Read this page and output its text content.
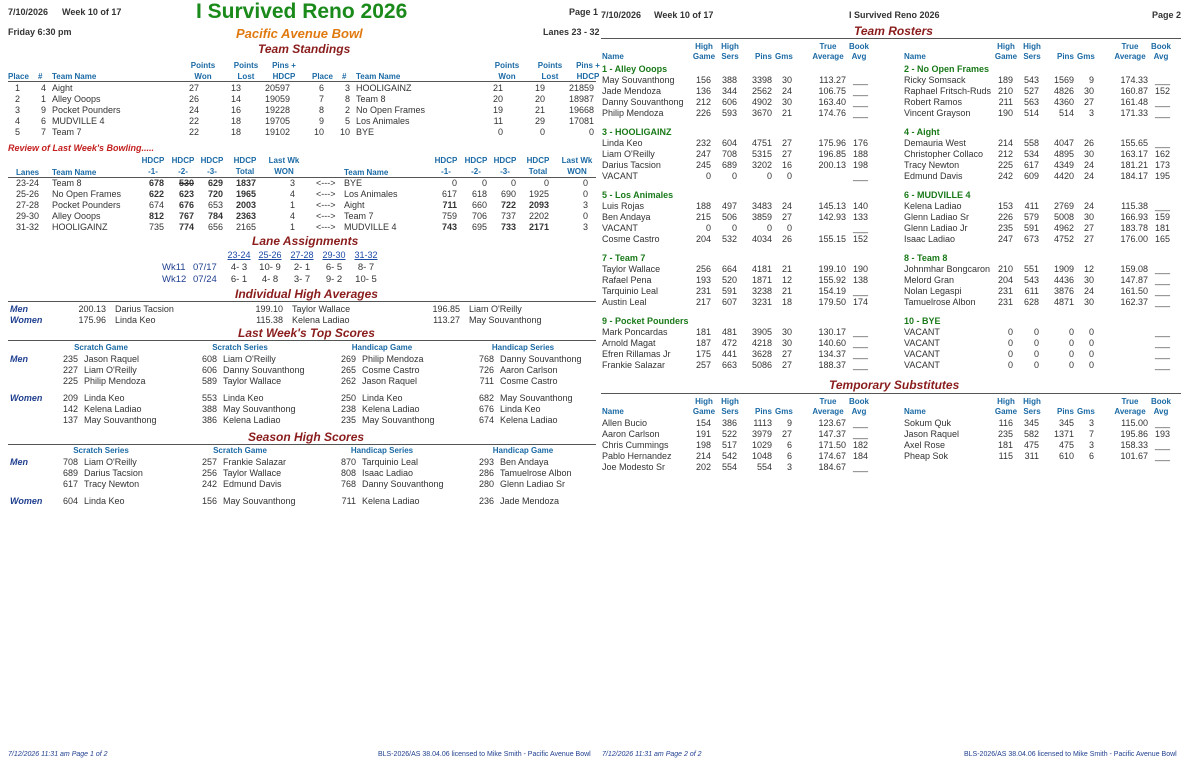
7/10/2026 Week 10 of 17	I Survived Reno 2026	Page 1
Friday 6:30 pm	Pacific Avenue Bowl	Lanes 23 - 32
Team Standings
Place # Team Name
Points
Won
Points
Lost
Pins +
HDCP
1	4 Aight	27	13	20597
2	1 Alley Ooops	26	14	19059
3	9 Pocket Pounders	24	16	19228
4	6 MUDVILLE 4	22	18	19705
5	7 Team 7	22	18	19102
Place # Team Name
Points
Won
Points
Lost
Pins +
HDCP
6	3 HOOLIGAINZ	21	19	21859
7	8 Team 8	20	20	18987
8	2 No Open Frames	19	21	19668
9	5 Los Animales	11	29	17081
10	10 BYE	0	0	0
Review of Last Week's Bowling.....
Lanes Team Name	Team Name
HDCP
-1-
HDCP
-1-
HDCP
-2-
HDCP
-2-
HDCP
-3-
HDCP
-3-
HDCP
Total
HDCP
Total
Last Wk
WON
Last Wk
WON
23-24 Team 8	678	530	629	1837	3 <---> BYE	0	0	0	0	0
25-26 No Open Frames	622	623	720	1965	4 <---> Los Animales	617	618	690	1925	0
27-28 Pocket Pounders	674	676	653	2003	1 <---> Aight	711	660	722	2093	3
29-30 Alley Ooops	812	767	784	2363	4 <---> Team 7	759	706	737	2202	0
31-32 HOOLIGAINZ	735	774	656	2165	1 <---> MUDVILLE 4	743	695	733	2171	3
Lane Assignments
23-24 25-26 27-28 29-30 31-32
Wk11 07/17	4- 3	10- 9	2- 1	6- 5	8- 7
Wk12 07/24	6- 1	4- 8	3- 7	9- 2	10- 5
Individual High Averages
Men	200.13 Darius Tacsion	199.10 Taylor Wallace	196.85 Liam O'Reilly
Women	175.96 Linda Keo	115.38 Kelena Ladiao	113.27 May Souvanthong
Last Week's Top Scores
Scratch Game	Scratch Series	Handicap Game	Handicap Series
Men	235 Jason Raquel	608 Liam O'Reilly	269 Philip Mendoza	768 Danny Souvanthong
227 Liam O'Reilly	606 Danny Souvanthong	265 Cosme Castro	726 Aaron Carlson
225 Philip Mendoza	589 Taylor Wallace	262 Jason Raquel	711 Cosme Castro
Women	209 Linda Keo	553 Linda Keo	250 Linda Keo	682 May Souvanthong
142 Kelena Ladiao	388 May Souvanthong	238 Kelena Ladiao	676 Linda Keo
137 May Souvanthong	386 Kelena Ladiao	235 May Souvanthong	674 Kelena Ladiao
Season High Scores
Scratch Series	Scratch Game	Handicap Series	Handicap Game
Men	708 Liam O'Reilly	257 Frankie Salazar	870 Tarquinio Leal	293 Ben Andaya
689 Darius Tacsion	256 Taylor Wallace	808 Isaac Ladiao	286 Tamuelrose Albon
617 Tracy Newton	242 Edmund Davis	768 Danny Souvanthong	280 Glenn Ladiao Sr
Women	604 Linda Keo	156 May Souvanthong	711 Kelena Ladiao	236 Jade Mendoza
7/12/2026 11:31 am Page 1 of 2	BLS-2026/AS 38.04.06 licensed to Mike Smith - Pacific Avenue Bowl
7/10/2026 Week 10 of 17	I Survived Reno 2026	Page 2
Team Rosters
Name
High
Game
High
Sers	Pins Gms
True
Average
Book
Avg	Name
High
Game
High
Sers	Pins Gms
True
Average
Book
Avg
1 - Alley Ooops
May Souvanthong	156	388	3398	30	113.27 ___
Jade Mendoza	136	344	2562	24	106.75 ___
Danny Souvanthong	212	606	4902	30	163.40 ___
Philip Mendoza	226	593	3670	21	174.76 ___
2 - No Open Frames
Ricky Somsack	189	543	1569	9	174.33 ___
Raphael Fritsch-Ruds 210	527	4826	30	160.87 152
Robert Ramos	211	563	4360	27	161.48 ___
Vincent Grayson	190	514	514	3	171.33 ___
3 - HOOLIGAINZ
Linda Keo	232	604	4751	27	175.96 176
Liam O'Reilly	247	708	5315	27	196.85 188
Darius Tacsion	245	689	3202	16	200.13 198
VACANT	0	0	0	0	___
4 - Aight
Demauria West	214	558	4047	26	155.65 ___
Christopher Collaco	212	534	4895	30	163.17 162
Tracy Newton	225	617	4349	24	181.21 173
Edmund Davis	242	609	4420	24	184.17 195
5 - Los Animales
Luis Rojas	188	497	3483	24	145.13 140
Ben Andaya	215	506	3859	27	142.93 133
VACANT	0	0	0	0	___
Cosme Castro	204	532	4034	26	155.15 152
6 - MUDVILLE 4
Kelena Ladiao	153	411	2769	24	115.38 ___
Glenn Ladiao Sr	226	579	5008	30	166.93 159
Glenn Ladiao Jr	235	591	4962	27	183.78 181
Isaac Ladiao	247	673	4752	27	176.00 165
7 - Team 7
Taylor Wallace	256	664	4181	21	199.10 190
Rafael Pena	193	520	1871	12	155.92 138
Tarquinio Leal	231	591	3238	21	154.19 ___
Austin Leal	217	607	3231	18	179.50 174
8 - Team 8
Johnmhar Bongcaron 210	551	1909	12	159.08 ___
Melord Gran	204	543	4436	30	147.87 ___
Nolan Legaspi	231	611	3876	24	161.50 ___
Tamuelrose Albon	231	628	4871	30	162.37 ___
9 - Pocket Pounders
Mark Poncardas	181	481	3905	30	130.17 ___
Arnold Magat	187	472	4218	30	140.60 ___
Efren Rillamas Jr	175	441	3628	27	134.37 ___
Frankie Salazar	257	663	5086	27	188.37 ___
10 - BYE
VACANT	0	0	0	0	___
VACANT	0	0	0	0	___
VACANT	0	0	0	0	___
VACANT	0	0	0	0	___
Temporary Substitutes
Name
High
Game
High
Sers	Pins Gms
True
Average
Book
Avg	Name
High
Game
High
Sers	Pins Gms
True
Average
Book
Avg
Allen Bucio	154	386	1113	9	123.67 ___
Aaron Carlson	191	522	3979	27	147.37 ___
Chris Cummings	198	517	1029	6	171.50 182
Pablo Hernandez	214	542	1048	6	174.67 184
Joe Modesto Sr	202	554	554	3	184.67 ___
Sokum Quk	116	345	345	3	115.00 ___
Jason Raquel	235	582	1371	7	195.86 193
Axel Rose	181	475	475	3	158.33 ___
Pheap Sok	115	311	610	6	101.67 ___
7/12/2026 11:31 am Page 2 of 2	BLS-2026/AS 38.04.06 licensed to Mike Smith - Pacific Avenue Bowl
